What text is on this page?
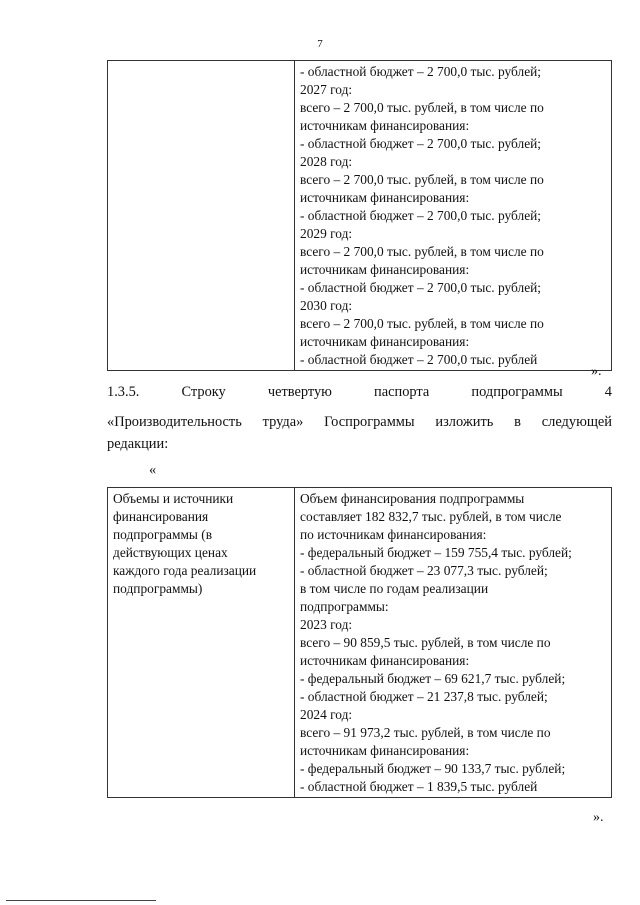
7

- областной бюджет – 2 700,0 тыс. рублей;
2027 год:
всего – 2 700,0 тыс. рублей, в том числе по
источникам финансирования:
- областной бюджет – 2 700,0 тыс. рублей;
2028 год:
всего – 2 700,0 тыс. рублей, в том числе по
источникам финансирования:
- областной бюджет – 2 700,0 тыс. рублей;
2029 год:
всего – 2 700,0 тыс. рублей, в том числе по
источникам финансирования:
- областной бюджет – 2 700,0 тыс. рублей;
2030 год:
всего – 2 700,0 тыс. рублей, в том числе по
источникам финансирования:
- областной бюджет – 2 700,0 тыс. рублей
».
1.3.5. Строку четвертую паспорта подпрограммы 4
«Производительность труда» Госпрограммы изложить в следующей
редакции:
«
Объемы и источники
финансирования
подпрограммы (в
действующих ценах
каждого года реализации
подпрограммы)

Объем финансирования подпрограммы
составляет 182 832,7 тыс. рублей, в том числе
по источникам финансирования:
- федеральный бюджет – 159 755,4 тыс. рублей;
- областной бюджет – 23 077,3 тыс. рублей;
в том числе по годам реализации
подпрограммы:
2023 год:
всего – 90 859,5 тыс. рублей, в том числе по
источникам финансирования:
- федеральный бюджет – 69 621,7 тыс. рублей;
- областной бюджет – 21 237,8 тыс. рублей;
2024 год:
всего – 91 973,2 тыс. рублей, в том числе по
источникам финансирования:
- федеральный бюджет – 90 133,7 тыс. рублей;
- областной бюджет – 1 839,5 тыс. рублей
».
